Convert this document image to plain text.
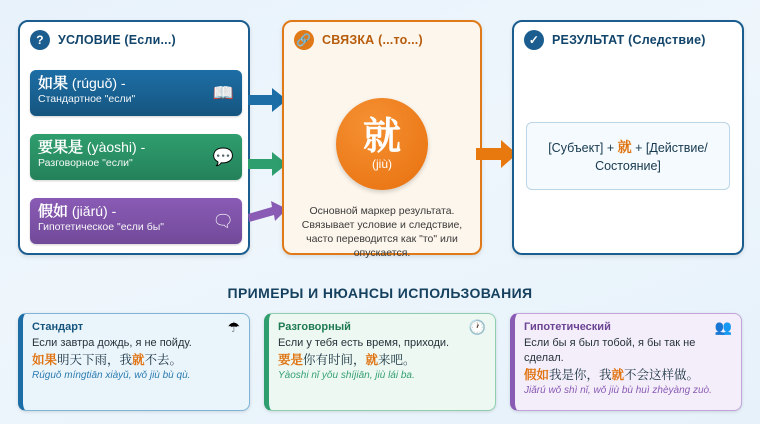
?	УСЛОВИЕ (Если...)
如果 (rúguǒ) -
Стандартное "если"	📖
要果是 (yàoshi) -
Разговорное "если"	💬
假如 (jiǎrú) -
Гипотетическое "если бы"	🗨
🔗 СВЯЗКА (...то...)
就
(jiù)
Основной маркер результата. Связывает условие и следствие, часто переводится как "то" или опускается.
✓	РЕЗУЛЬТАТ (Следствие)
[Субъект] + 就 + [Действие/ Состояние]
ПРИМЕРЫ И НЮАНСЫ ИСПОЛЬЗОВАНИЯ
Стандарт	☂
Если завтра дождь, я не пойду.
如果明天下雨，我就不去。
Rúguǒ míngtiān xiàyǔ, wǒ jiù bù qù.
Разговорный	🕐
Если у тебя есть время, приходи.
要是你有时间，就来吧。
Yàoshi nǐ yǒu shíjiān, jiù lái ba.
Гипотетический	👥
Если бы я был тобой, я бы так не сделал.
假如我是你，我就不会这样做。
Jiǎrú wǒ shì nǐ, wǒ jiù bù huì zhèyàng zuò.
